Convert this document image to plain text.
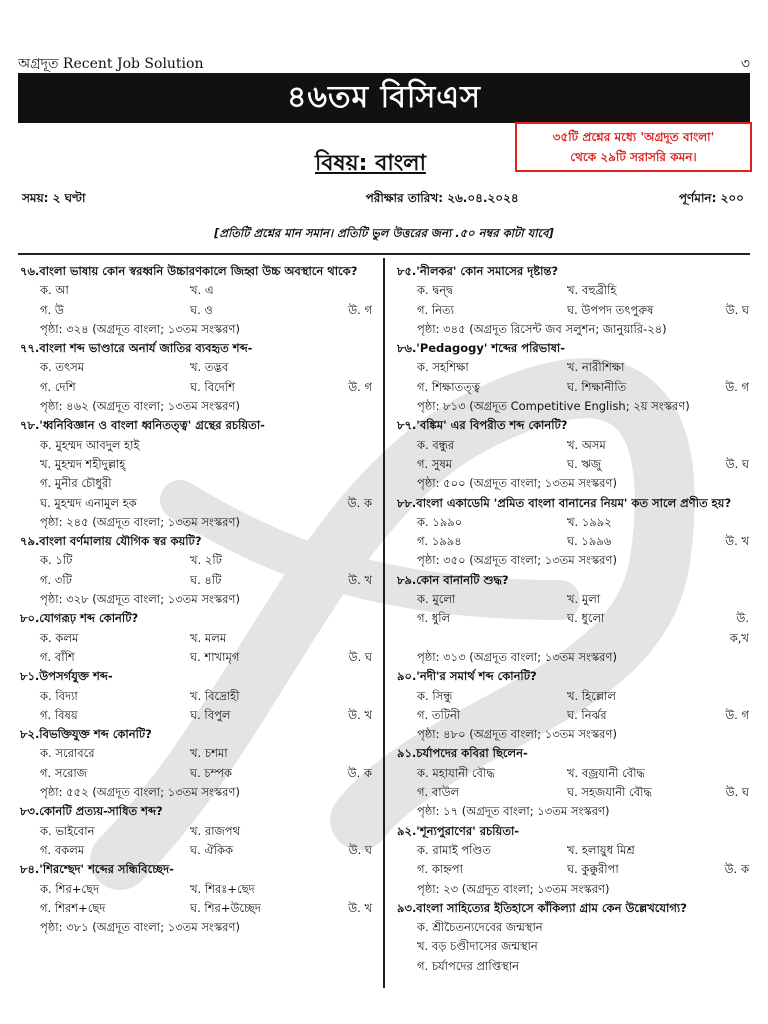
অগ্রদূত Recent Job Solution	৩
৪৬তম বিসিএস
বিষয়: বাংলা
৩৫টি প্রশ্নের মধ্যে 'অগ্রদূত বাংলা'
থেকে ২৯টি সরাসরি কমন।
সময়: ২ ঘণ্টা	পরীক্ষার তারিখ: ২৬.০৪.২০২৪	পূর্ণমান: ২০০
[প্রতিটি প্রশ্নের মান সমান। প্রতিটি ভুল উত্তরের জন্য .৫০ নম্বর কাটা যাবে]
৭৬.বাংলা ভাষায় কোন স্বরধ্বনি উচ্চারণকালে জিহ্বা উচ্চ অবস্থানে থাকে?
ক. আ	খ. এ
গ. উ	ঘ. ও	উ. গ
পৃষ্ঠা: ৩২৪ (অগ্রদূত বাংলা; ১৩তম সংস্করণ)
৭৭.বাংলা শব্দ ভাণ্ডারে অনার্য জাতির ব্যবহৃত শব্দ-
ক. তৎসম	খ. তদ্ভব
গ. দেশি	ঘ. বিদেশি	উ. গ
পৃষ্ঠা: ৪৬২ (অগ্রদূত বাংলা; ১৩তম সংস্করণ)
৭৮.'ধ্বনিবিজ্ঞান ও বাংলা ধ্বনিতত্ত্ব' গ্রন্থের রচয়িতা-
ক. মুহম্মদ আবদুল হাই
খ. মুহম্মদ শহীদুল্লাহ্
গ. মুনীর চৌধুরী
ঘ. মুহম্মদ এনামুল হক	উ. ক
পৃষ্ঠা: ২৪৫ (অগ্রদূত বাংলা; ১৩তম সংস্করণ)
৭৯.বাংলা বর্ণমালায় যৌগিক স্বর কয়টি?
ক. ১টি	খ. ২টি
গ. ৩টি	ঘ. ৪টি	উ. খ
পৃষ্ঠা: ৩২৮ (অগ্রদূত বাংলা; ১৩তম সংস্করণ)
৮০.যোগরূঢ় শব্দ কোনটি?
ক. কলম	খ. মলম
গ. বাঁশি	ঘ. শাখামৃগ	উ. ঘ
৮১.উপসর্গযুক্ত শব্দ-
ক. বিদ্যা	খ. বিদ্রোহী
গ. বিষয়	ঘ. বিপুল	উ. খ
৮২.বিভক্তিযুক্ত শব্দ কোনটি?
ক. সরোবরে	খ. চশমা
গ. সরোজ	ঘ. চম্পক	উ. ক
পৃষ্ঠা: ৫৫২ (অগ্রদূত বাংলা; ১৩তম সংস্করণ)
৮৩.কোনটি প্রত্যয়-সাধিত শব্দ?
ক. ভাইবোন	খ. রাজপথ
গ. বকলম	ঘ. ঐকিক	উ. ঘ
৮৪.'শিরশ্ছেদ' শব্দের সন্ধিবিচ্ছেদ-
ক. শির+ছেদ	খ. শিরঃ+ছেদ
গ. শিরশ+ছেদ	ঘ. শির+উচ্ছেদ	উ. খ
পৃষ্ঠা: ৩৮১ (অগ্রদূত বাংলা; ১৩তম সংস্করণ)
৮৫.'নীলকর' কোন সমাসের দৃষ্টান্ত?
ক. দ্বন্দ্ব	খ. বহুব্রীহি
গ. নিত্য	ঘ. উপপদ তৎপুরুষ	উ. ঘ
পৃষ্ঠা: ৩৪৫ (অগ্রদূত রিসেন্ট জব সলুশন; জানুয়ারি-২৪)
৮৬.'Pedagogy' শব্দের পরিভাষা-
ক. সহশিক্ষা	খ. নারীশিক্ষা
গ. শিক্ষাতত্ত্ব	ঘ. শিক্ষানীতি	উ. গ
পৃষ্ঠা: ৮১৩ (অগ্রদূত Competitive English; ২য় সংস্করণ)
৮৭.'বঙ্কিম' এর বিপরীত শব্দ কোনটি?
ক. বন্ধুর	খ. অসম
গ. সুষম	ঘ. ঋজু	উ. ঘ
পৃষ্ঠা: ৫০০ (অগ্রদূত বাংলা; ১৩তম সংস্করণ)
৮৮.বাংলা একাডেমি 'প্রমিত বাংলা বানানের নিয়ম' কত সালে প্রণীত হয়?
ক. ১৯৯০	খ. ১৯৯২
গ. ১৯৯৪	ঘ. ১৯৯৬	উ. খ
পৃষ্ঠা: ৩৫০ (অগ্রদূত বাংলা; ১৩তম সংস্করণ)
৮৯.কোন বানানটি শুদ্ধ?
ক. মুলো	খ. মুলা
গ. ধুলি	ঘ. ধুলো	উ. ক,খ
পৃষ্ঠা: ৩১৩ (অগ্রদূত বাংলা; ১৩তম সংস্করণ)
৯০.'নদী'র সমার্থ শব্দ কোনটি?
ক. সিন্ধু	খ. হিল্লোল
গ. তটিনী	ঘ. নির্ঝর	উ. গ
পৃষ্ঠা: ৪৮০ (অগ্রদূত বাংলা; ১৩তম সংস্করণ)
৯১.চর্যাপদের কবিরা ছিলেন-
ক. মহাযানী বৌদ্ধ	খ. বজ্রযানী বৌদ্ধ
গ. বাউল	ঘ. সহজযানী বৌদ্ধ	উ. ঘ
পৃষ্ঠা: ১৭ (অগ্রদূত বাংলা; ১৩তম সংস্করণ)
৯২.'শূন্যপুরাণের' রচয়িতা-
ক. রামাই পণ্ডিত	খ. হলায়ুধ মিশ্র
গ. কাহ্নপা	ঘ. কুক্কুরীপা	উ. ক
পৃষ্ঠা: ২৩ (অগ্রদূত বাংলা; ১৩তম সংস্করণ)
৯৩.বাংলা সাহিত্যের ইতিহাসে কাঁকিল্যা গ্রাম কেন উল্লেখযোগ্য?
ক. শ্রীচৈতন্যদেবের জন্মস্থান
খ. বড় চণ্ডীদাসের জন্মস্থান
গ. চর্যাপদের প্রাপ্তিস্থান
